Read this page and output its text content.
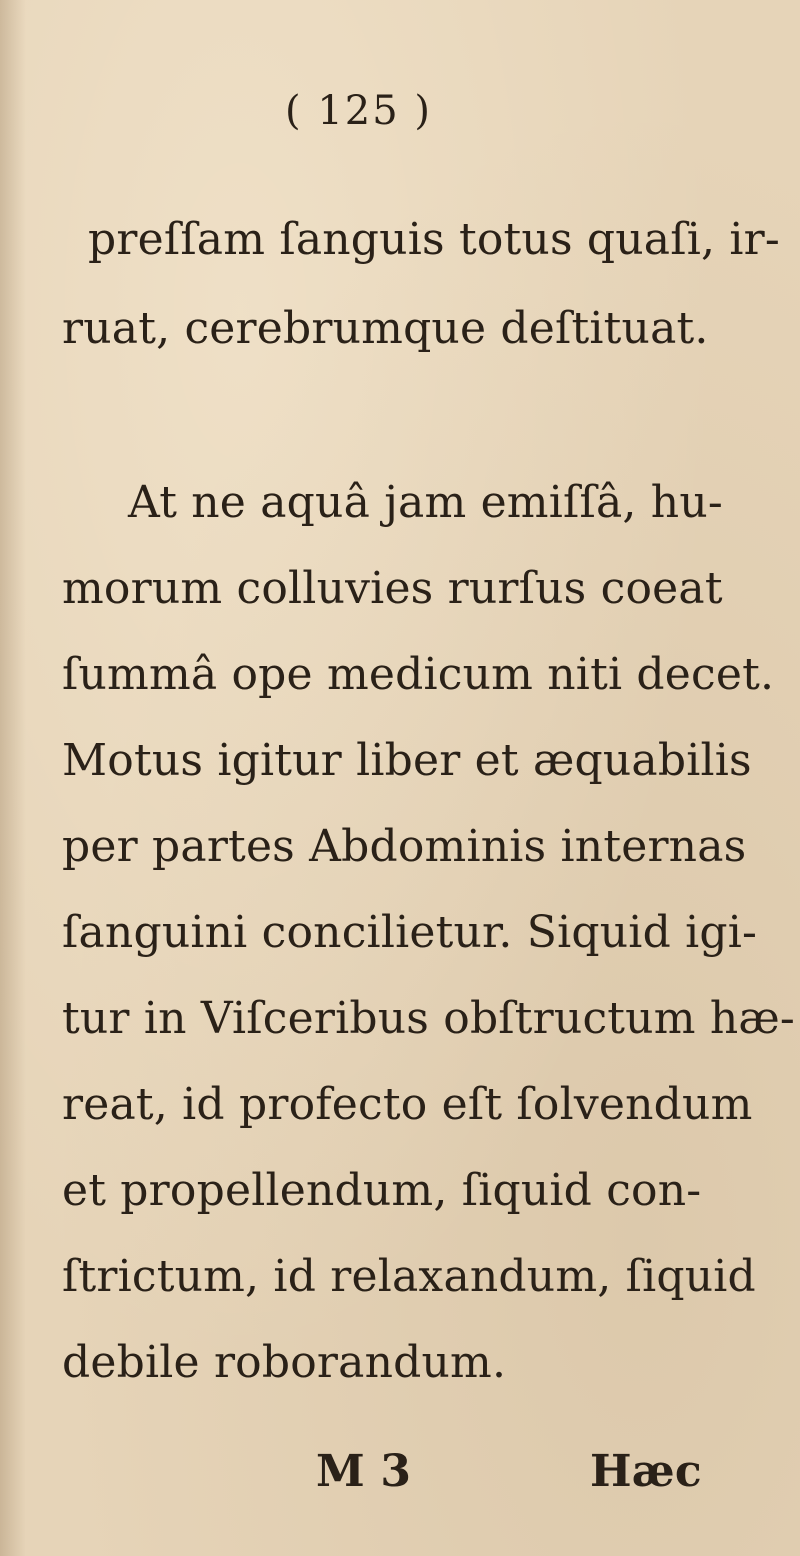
( 125 )
preſſam ſanguis totus quaſi, ir-
ruat, cerebrumque deſtituat.
At ne aquâ jam emiſſâ, hu-
morum colluvies rurſus coeat
ſummâ ope medicum niti decet.
Motus igitur liber et æquabilis
per partes Abdominis internas
ſanguini concilietur. Siquid igi-
tur in Viſceribus obſtructum hæ-
reat, id profecto eſt ſolvendum
et propellendum, ſiquid con-
ſtrictum, id relaxandum, ſiquid
debile roborandum.
M 3	Hæc
